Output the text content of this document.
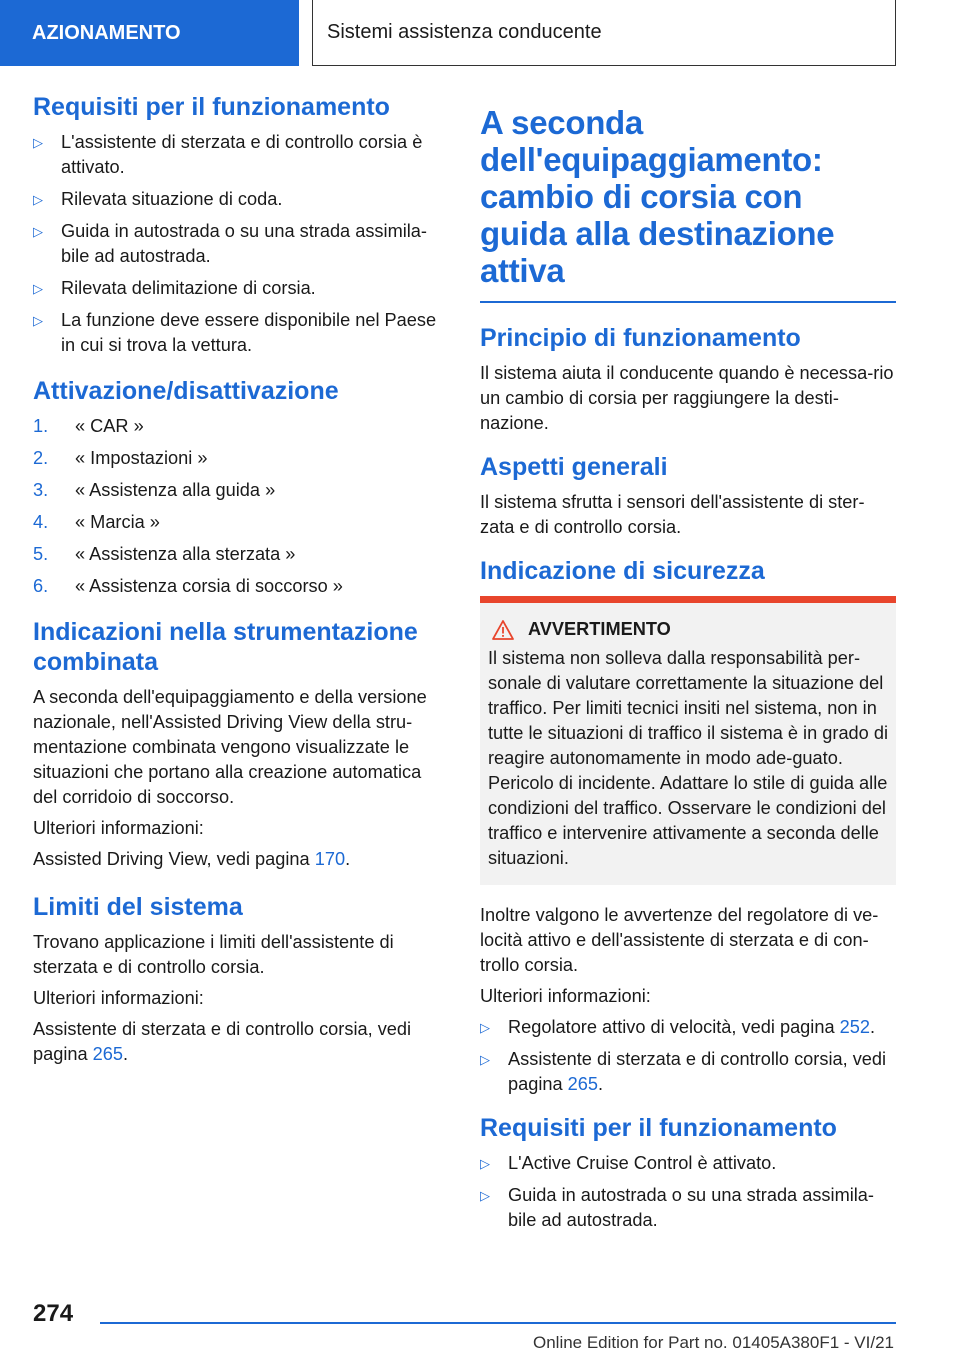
AZIONAMENTO	Sistemi assistenza conducente
Requisiti per il funzionamento
▷ L'assistente di sterzata e di controllo corsia è attivato.
▷ Rilevata situazione di coda.
▷ Guida in autostrada o su una strada assimila-bile ad autostrada.
▷ Rilevata delimitazione di corsia.
▷ La funzione deve essere disponibile nel Paese in cui si trova la vettura.
Attivazione/disattivazione
1. « CAR »
2. « Impostazioni »
3. « Assistenza alla guida »
4. « Marcia »
5. « Assistenza alla sterzata »
6. « Assistenza corsia di soccorso »
Indicazioni nella strumentazione combinata

A seconda dell'equipaggiamento e della versione nazionale, nell'Assisted Driving View della stru-mentazione combinata vengono visualizzate le situazioni che portano alla creazione automatica del corridoio di soccorso.

Ulteriori informazioni:

Assisted Driving View, vedi pagina 170.

Limiti del sistema

Trovano applicazione i limiti dell'assistente di sterzata e di controllo corsia.

Ulteriori informazioni:

Assistente di sterzata e di controllo corsia, vedi pagina 265.

A seconda dell'equipaggiamento: cambio di corsia con guida alla destinazione attiva
Principio di funzionamento

Il sistema aiuta il conducente quando è necessa-rio un cambio di corsia per raggiungere la desti-nazione.

Aspetti generali

Il sistema sfrutta i sensori dell'assistente di ster-zata e di controllo corsia.

Indicazione di sicurezza
AVVERTIMENTO

Il sistema non solleva dalla responsabilità per-sonale di valutare correttamente la situazione del traffico. Per limiti tecnici insiti nel sistema, non in tutte le situazioni di traffico il sistema è in grado di reagire autonomamente in modo ade-guato. Pericolo di incidente. Adattare lo stile di guida alle condizioni del traffico. Osservare le condizioni del traffico e intervenire attivamente a seconda delle situazioni.

Inoltre valgono le avvertenze del regolatore di ve-locità attivo e dell'assistente di sterzata e di con-trollo corsia.

Ulteriori informazioni:

▷ Regolatore attivo di velocità, vedi pagina 252.
▷ Assistente di sterzata e di controllo corsia, vedi pagina 265.
Requisiti per il funzionamento
▷ L'Active Cruise Control è attivato.
▷ Guida in autostrada o su una strada assimila-bile ad autostrada.
274
Online Edition for Part no. 01405A380F1 - VI/21
